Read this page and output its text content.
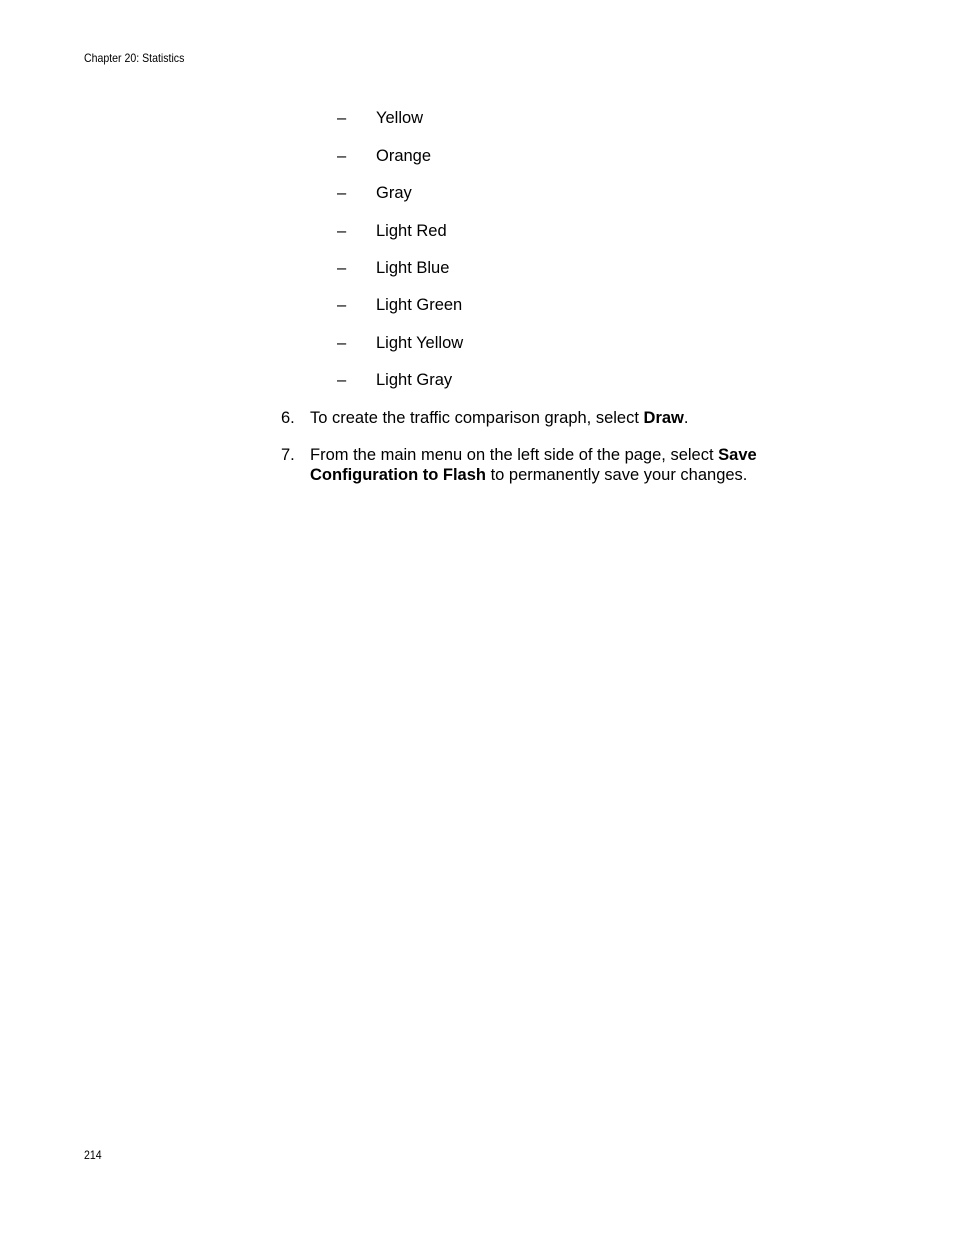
Chapter 20: Statistics
– Yellow
– Orange
– Gray
– Light Red
– Light Blue
– Light Green
– Light Yellow
– Light Gray
6. To create the traffic comparison graph, select Draw.
7. From the main menu on the left side of the page, select Save
Configuration to Flash to permanently save your changes.
214
